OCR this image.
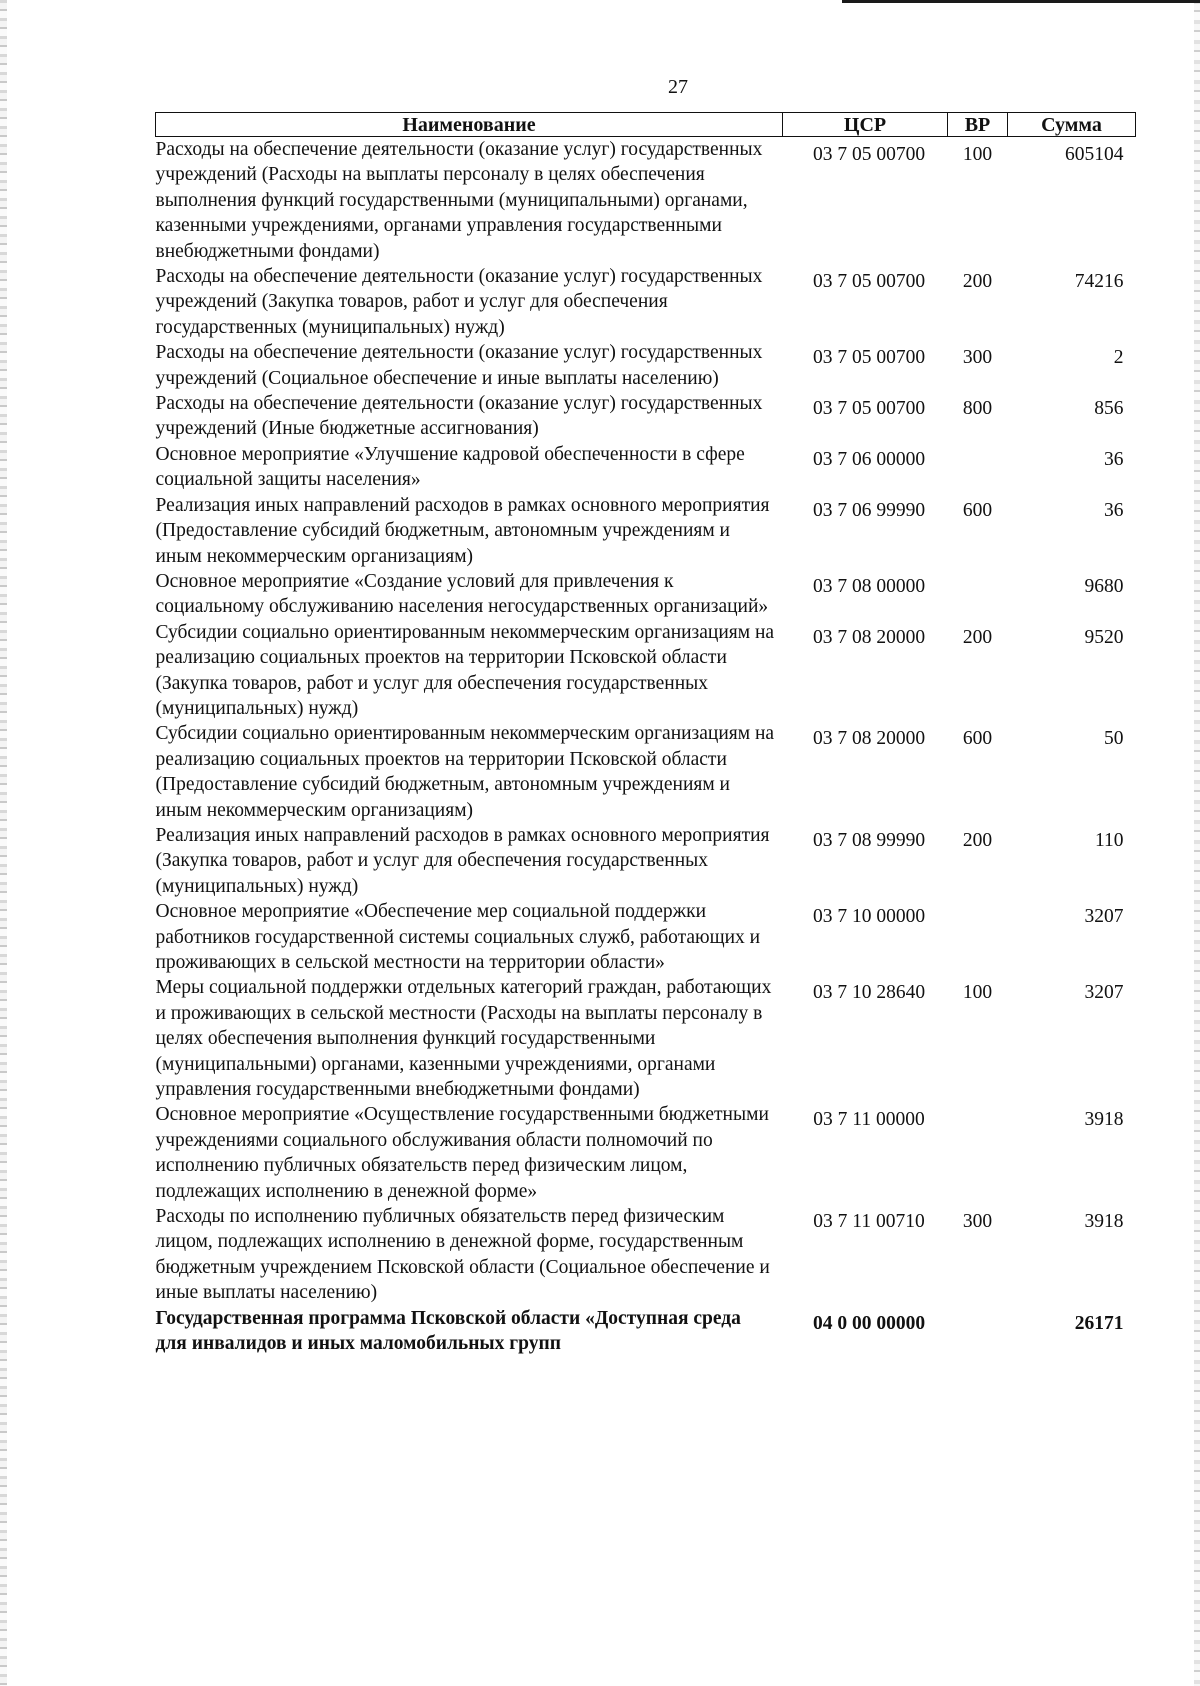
27
Наименование	ЦСР	ВР	Сумма
Расходы на обеспечение деятельности (оказание услуг) государственных учреждений (Расходы на выплаты персоналу в целях обеспечения выполнения функций государственными (муниципальными) органами, казенными учреждениями, органами управления государственными внебюджетными фондами)	03 7 05 00700	100	605104
Расходы на обеспечение деятельности (оказание услуг) государственных учреждений (Закупка товаров, работ и услуг для обеспечения государственных (муниципальных) нужд)	03 7 05 00700	200	74216
Расходы на обеспечение деятельности (оказание услуг) государственных учреждений (Социальное обеспечение и иные выплаты населению)	03 7 05 00700	300	2
Расходы на обеспечение деятельности (оказание услуг) государственных учреждений (Иные бюджетные ассигнования)	03 7 05 00700	800	856
Основное мероприятие «Улучшение кадровой обеспеченности в сфере социальной защиты населения»	03 7 06 00000		36
Реализация иных направлений расходов в рамках основного мероприятия (Предоставление субсидий бюджетным, автономным учреждениям и иным некоммерческим организациям)	03 7 06 99990	600	36
Основное мероприятие «Создание условий для привлечения к социальному обслуживанию населения негосударственных организаций»	03 7 08 00000		9680
Субсидии социально ориентированным некоммерческим организациям на реализацию социальных проектов на территории Псковской области (Закупка товаров, работ и услуг для обеспечения государственных (муниципальных) нужд)	03 7 08 20000	200	9520
Субсидии социально ориентированным некоммерческим организациям на реализацию социальных проектов на территории Псковской области (Предоставление субсидий бюджетным, автономным учреждениям и иным некоммерческим организациям)	03 7 08 20000	600	50
Реализация иных направлений расходов в рамках основного мероприятия (Закупка товаров, работ и услуг для обеспечения государственных (муниципальных) нужд)	03 7 08 99990	200	110
Основное мероприятие «Обеспечение мер социальной поддержки работников государственной системы социальных служб, работающих и проживающих в сельской местности на территории области»	03 7 10 00000		3207
Меры социальной поддержки отдельных категорий граждан, работающих и проживающих в сельской местности (Расходы на выплаты персоналу в целях обеспечения выполнения функций государственными (муниципальными) органами, казенными учреждениями, органами управления государственными внебюджетными фондами)	03 7 10 28640	100	3207
Основное мероприятие «Осуществление государственными бюджетными учреждениями социального обслуживания области полномочий по исполнению публичных обязательств перед физическим лицом, подлежащих исполнению в денежной форме»	03 7 11 00000		3918
Расходы по исполнению публичных обязательств перед физическим лицом, подлежащих исполнению в денежной форме, государственным бюджетным учреждением Псковской области (Социальное обеспечение и иные выплаты населению)	03 7 11 00710	300	3918
Государственная программа Псковской области «Доступная среда для инвалидов и иных маломобильных групп	04 0 00 00000		26171
